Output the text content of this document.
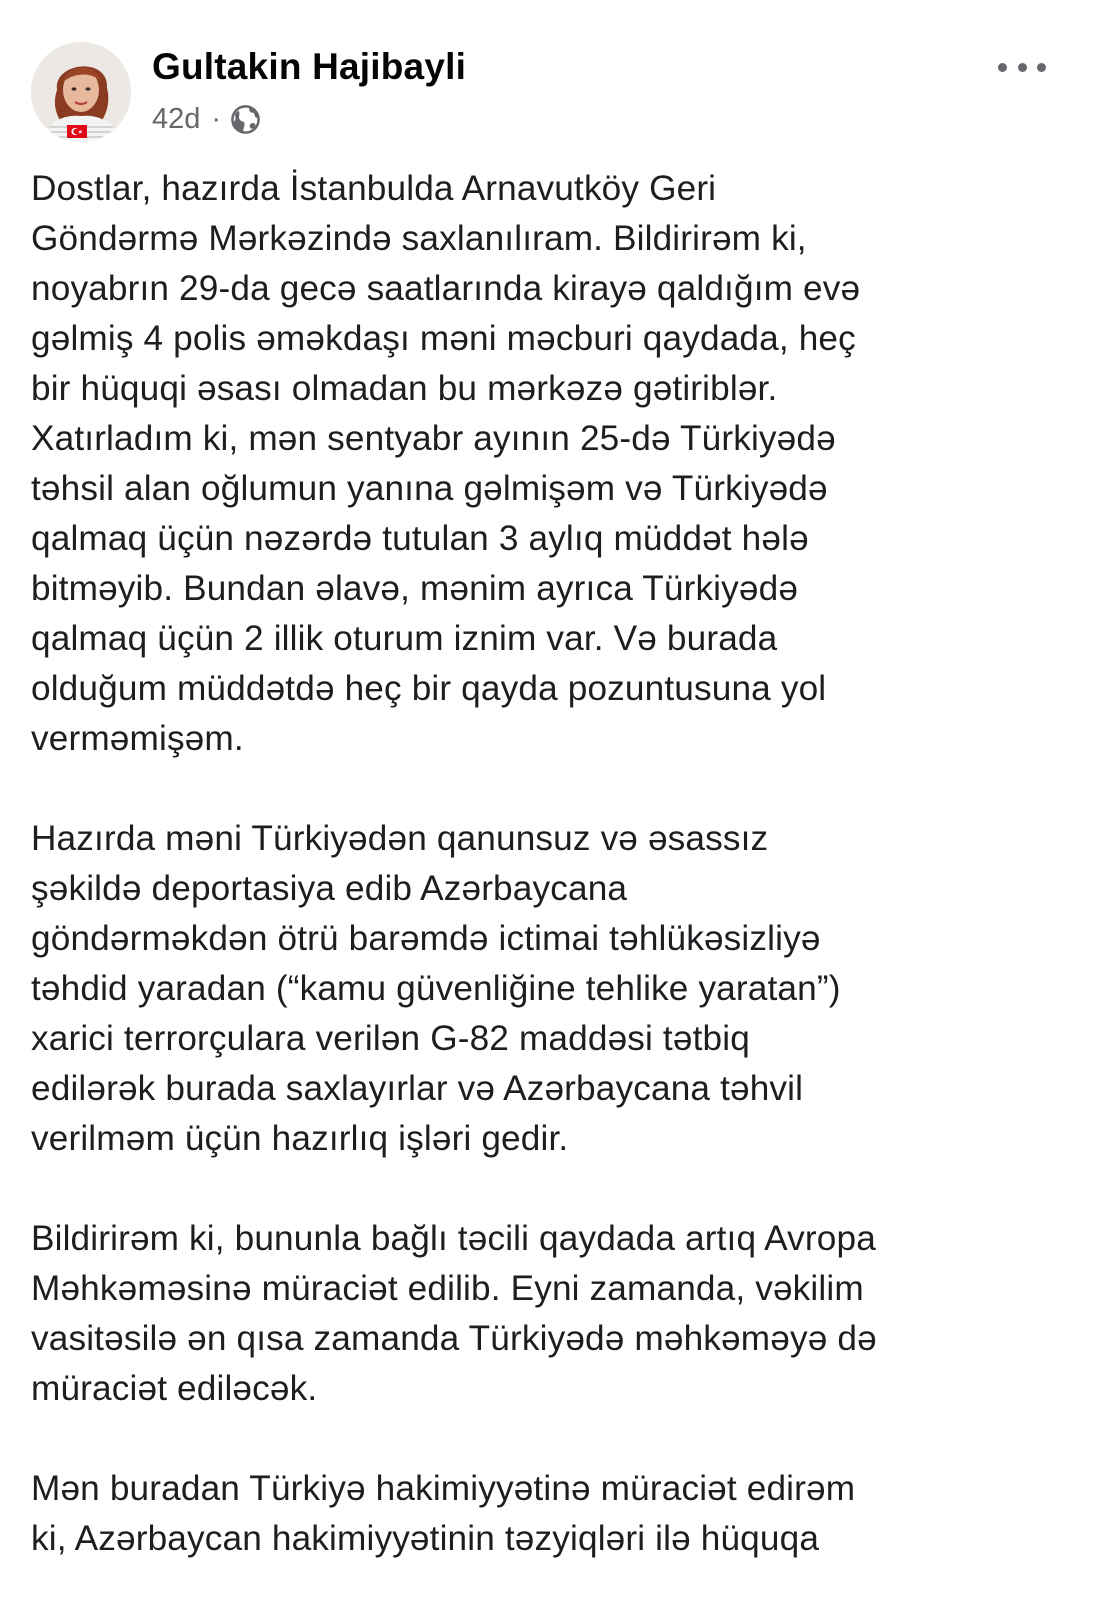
Gultakin Hajibayli
42d ·

Dostlar, hazırda İstanbulda Arnavutköy Geri
Göndərmə Mərkəzində saxlanılıram. Bildirirəm ki,
noyabrın 29-da gecə saatlarında kirayə qaldığım evə
gəlmiş 4 polis əməkdaşı məni məcburi qaydada, heç
bir hüquqi əsası olmadan bu mərkəzə gətiriblər.
Xatırladım ki, mən sentyabr ayının 25-də Türkiyədə
təhsil alan oğlumun yanına gəlmişəm və Türkiyədə
qalmaq üçün nəzərdə tutulan 3 aylıq müddət hələ
bitməyib. Bundan əlavə, mənim ayrıca Türkiyədə
qalmaq üçün 2 illik oturum iznim var. Və burada
olduğum müddətdə heç bir qayda pozuntusuna yol
verməmişəm.

Hazırda məni Türkiyədən qanunsuz və əsassız
şəkildə deportasiya edib Azərbaycana
göndərməkdən ötrü barəmdə ictimai təhlükəsizliyə
təhdid yaradan (“kamu güvenliğine tehlike yaratan”)
xarici terrorçulara verilən G-82 maddəsi tətbiq
edilərək burada saxlayırlar və Azərbaycana təhvil
verilməm üçün hazırlıq işləri gedir.

Bildirirəm ki, bununla bağlı təcili qaydada artıq Avropa
Məhkəməsinə müraciət edilib. Eyni zamanda, vəkilim
vasitəsilə ən qısa zamanda Türkiyədə məhkəməyə də
müraciət ediləcək.

Mən buradan Türkiyə hakimiyyətinə müraciət edirəm
ki, Azərbaycan hakimiyyətinin təzyiqləri ilə hüquqa
